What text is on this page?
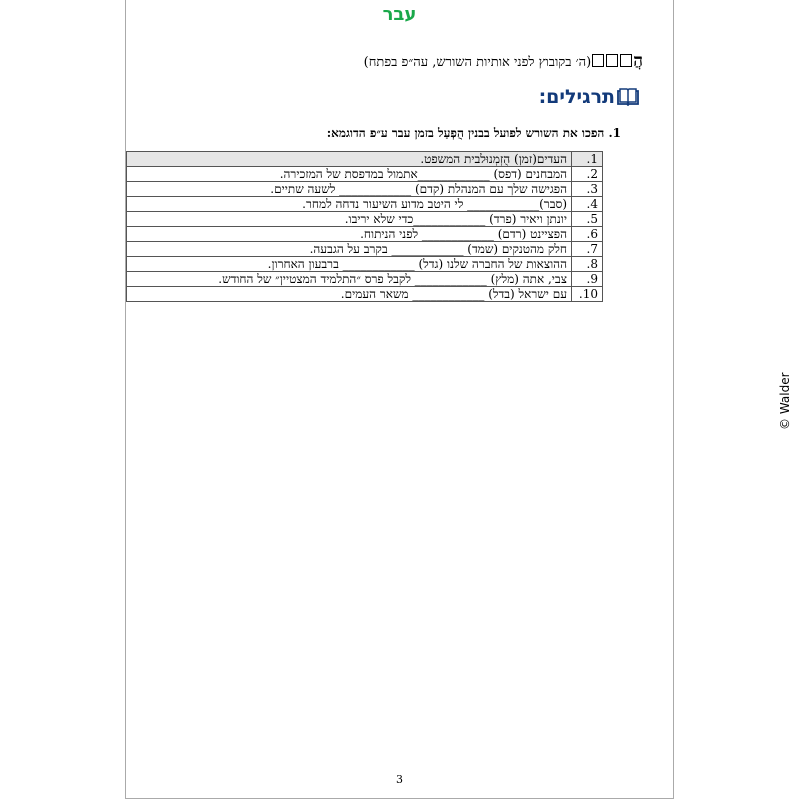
עבר
הֲ(ה׳ בקובוץ לפני אותיות השורש, עה״פ בפתח)
תרגילים:
1. הפכו את השורש לפועל בבנין הֻפְעַל בזמן עבר ע״פ הדוגמא:
1.	העדים(זמן) הֻזְמְנוּלבית המשפט.
2.	המבחנים (דפס) ____________אתמול במדפסת של המזכירה.
3.	הפגישה שלך עם המנהלת (קדם) ____________ לשעה שתיים.
4.	(סבר)____________ לי היטב מדוע השיעור נדחה למחר.
5.	יונתן ויאיר (פרד) ____________כדי שלא יריבו.
6.	הפציינט (רדם) ____________ לפני הניתוח.
7.	חלק מהטנקים (שמד) ____________ בקרב על הגבעה.
8.	ההוצאות של החברה שלנו (גדל) ____________ ברבעון האחרון.
9.	צבי, אתה (מלץ) ____________ לקבל פרס ״התלמיד המצטיין״ של החודש.
10.	עם ישראל (בדל) ____________ משאר העמים.
3
© Walder
